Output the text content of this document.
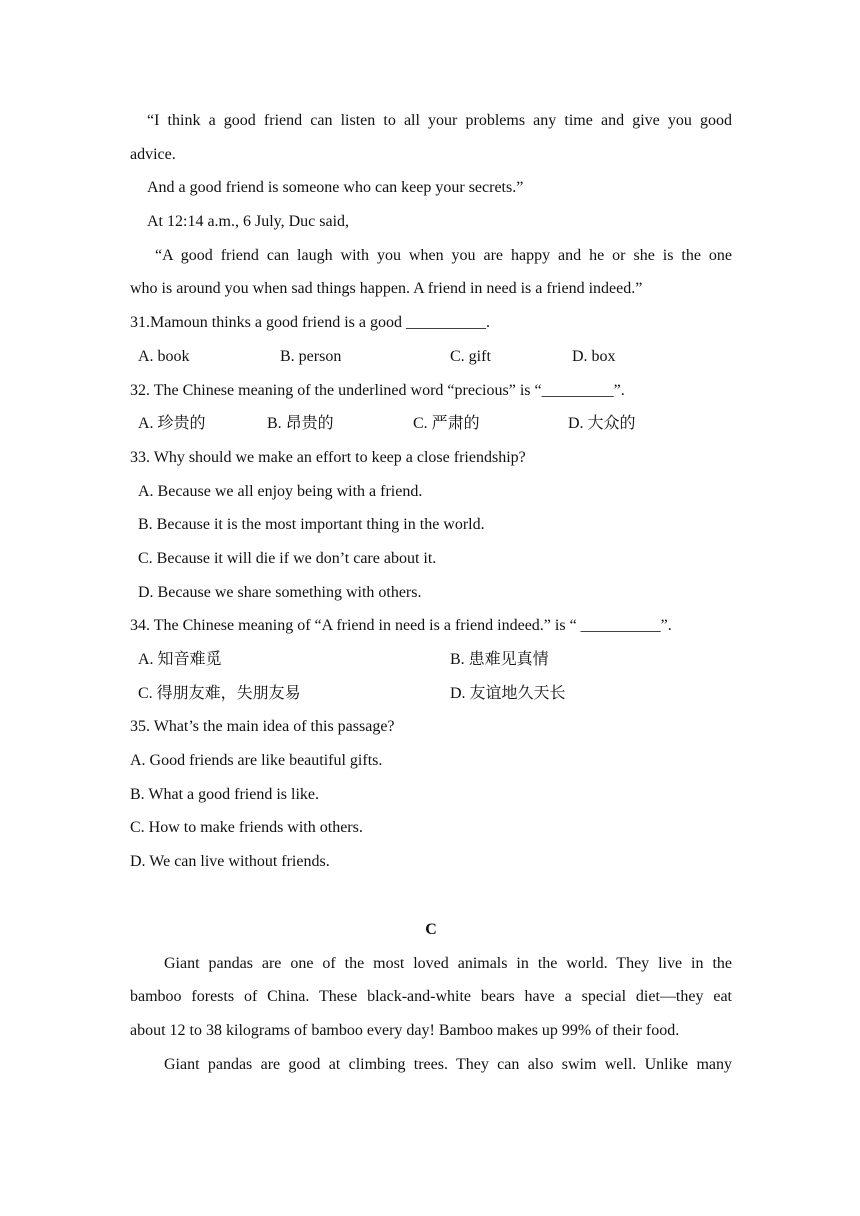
“I think a good friend can listen to all your problems any time and give you good
advice.
And a good friend is someone who can keep your secrets.”
At 12:14 a.m., 6 July, Duc said,
“A good friend can laugh with you when you are happy and he or she is the one
who is around you when sad things happen. A friend in need is a friend indeed.”
31.Mamoun thinks a good friend is a good __________.
A. book	B. person	C. gift	D. box
32. The Chinese meaning of the underlined word “precious” is “_________”.
A. 珍贵的	B. 昂贵的	C. 严肃的	D. 大众的
33. Why should we make an effort to keep a close friendship?
A. Because we all enjoy being with a friend.
B. Because it is the most important thing in the world.
C. Because it will die if we don’t care about it.
D. Because we share something with others.
34. The Chinese meaning of “A friend in need is a friend indeed.” is “ __________”.
A. 知音难觅	B. 患难见真情
C. 得朋友难，失朋友易	D. 友谊地久天长
35. What’s the main idea of this passage?
A. Good friends are like beautiful gifts.
B. What a good friend is like.
C. How to make friends with others.
D. We can live without friends.
C
Giant pandas are one of the most loved animals in the world. They live in the
bamboo forests of China. These black-and-white bears have a special diet—they eat
about 12 to 38 kilograms of bamboo every day! Bamboo makes up 99% of their food.
Giant pandas are good at climbing trees. They can also swim well. Unlike many
